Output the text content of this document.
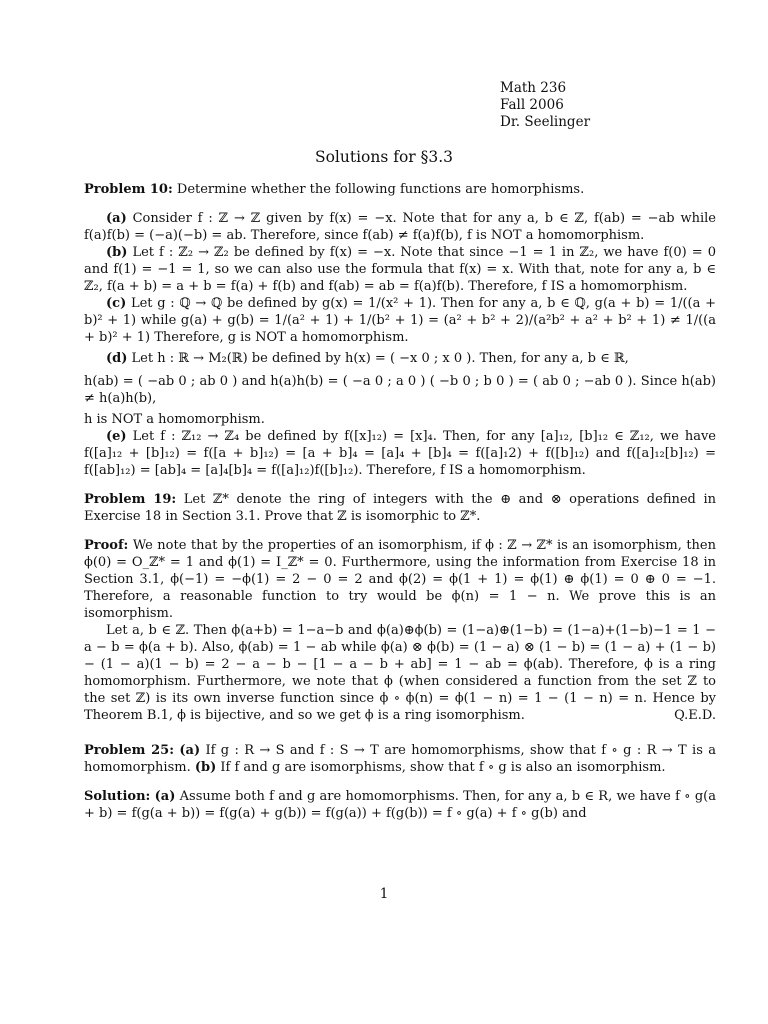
Math 236
Fall 2006
Dr. Seelinger
Solutions for §3.3

Problem 10: Determine whether the following functions are homorphisms.

(a) Consider f : ℤ → ℤ given by f(x) = −x. Note that for any a, b ∈ ℤ, f(ab) = −ab while f(a)f(b) = (−a)(−b) = ab. Therefore, since f(ab) ≠ f(a)f(b), f is NOT a homomorphism.

(b) Let f : ℤ₂ → ℤ₂ be defined by f(x) = −x. Note that since −1 = 1 in ℤ₂, we have f(0) = 0 and f(1) = −1 = 1, so we can also use the formula that f(x) = x. With that, note for any a, b ∈ ℤ₂, f(a + b) = a + b = f(a) + f(b) and f(ab) = ab = f(a)f(b). Therefore, f IS a homomorphism.

(c) Let g : ℚ → ℚ be defined by g(x) = 1/(x² + 1). Then for any a, b ∈ ℚ, g(a + b) = 1/((a + b)² + 1) while g(a) + g(b) = 1/(a² + 1) + 1/(b² + 1) = (a² + b² + 2)/(a²b² + a² + b² + 1) ≠ 1/((a + b)² + 1) Therefore, g is NOT a homomorphism.

(d) Let h : ℝ → M₂(ℝ) be defined by h(x) = ( −x 0 ; x 0 ). Then, for any a, b ∈ ℝ,

h(ab) = ( −ab 0 ; ab 0 ) and h(a)h(b) = ( −a 0 ; a 0 ) ( −b 0 ; b 0 ) = ( ab 0 ; −ab 0 ). Since h(ab) ≠ h(a)h(b),

h is NOT a homomorphism.

(e) Let f : ℤ₁₂ → ℤ₄ be defined by f([x]₁₂) = [x]₄. Then, for any [a]₁₂, [b]₁₂ ∈ ℤ₁₂, we have f([a]₁₂ + [b]₁₂) = f([a + b]₁₂) = [a + b]₄ = [a]₄ + [b]₄ = f([a]₁2) + f([b]₁₂) and f([a]₁₂[b]₁₂) = f([ab]₁₂) = [ab]₄ = [a]₄[b]₄ = f([a]₁₂)f([b]₁₂). Therefore, f IS a homomorphism.

Problem 19: Let ℤ* denote the ring of integers with the ⊕ and ⊗ operations defined in Exercise 18 in Section 3.1. Prove that ℤ is isomorphic to ℤ*.

Proof: We note that by the properties of an isomorphism, if ϕ : ℤ → ℤ* is an isomorphism, then ϕ(0) = O_ℤ* = 1 and ϕ(1) = I_ℤ* = 0. Furthermore, using the information from Exercise 18 in Section 3.1, ϕ(−1) = −ϕ(1) = 2 − 0 = 2 and ϕ(2) = ϕ(1 + 1) = ϕ(1) ⊕ ϕ(1) = 0 ⊕ 0 = −1. Therefore, a reasonable function to try would be ϕ(n) = 1 − n. We prove this is an isomorphism.

Let a, b ∈ ℤ. Then ϕ(a+b) = 1−a−b and ϕ(a)⊕ϕ(b) = (1−a)⊕(1−b) = (1−a)+(1−b)−1 = 1 − a − b = ϕ(a + b). Also, ϕ(ab) = 1 − ab while ϕ(a) ⊗ ϕ(b) = (1 − a) ⊗ (1 − b) = (1 − a) + (1 − b) − (1 − a)(1 − b) = 2 − a − b − [1 − a − b + ab] = 1 − ab = ϕ(ab). Therefore, ϕ is a ring homomorphism. Furthermore, we note that ϕ (when considered a function from the set ℤ to the set ℤ) is its own inverse function since ϕ ∘ ϕ(n) = ϕ(1 − n) = 1 − (1 − n) = n. Hence by Theorem B.1, ϕ is bijective, and so we get ϕ is a ring isomorphism.	Q.E.D.

Problem 25: (a) If g : R → S and f : S → T are homomorphisms, show that f ∘ g : R → T is a homomorphism. (b) If f and g are isomorphisms, show that f ∘ g is also an isomorphism.

Solution: (a) Assume both f and g are homomorphisms. Then, for any a, b ∈ R, we have f ∘ g(a + b) = f(g(a + b)) = f(g(a) + g(b)) = f(g(a)) + f(g(b)) = f ∘ g(a) + f ∘ g(b) and

1
